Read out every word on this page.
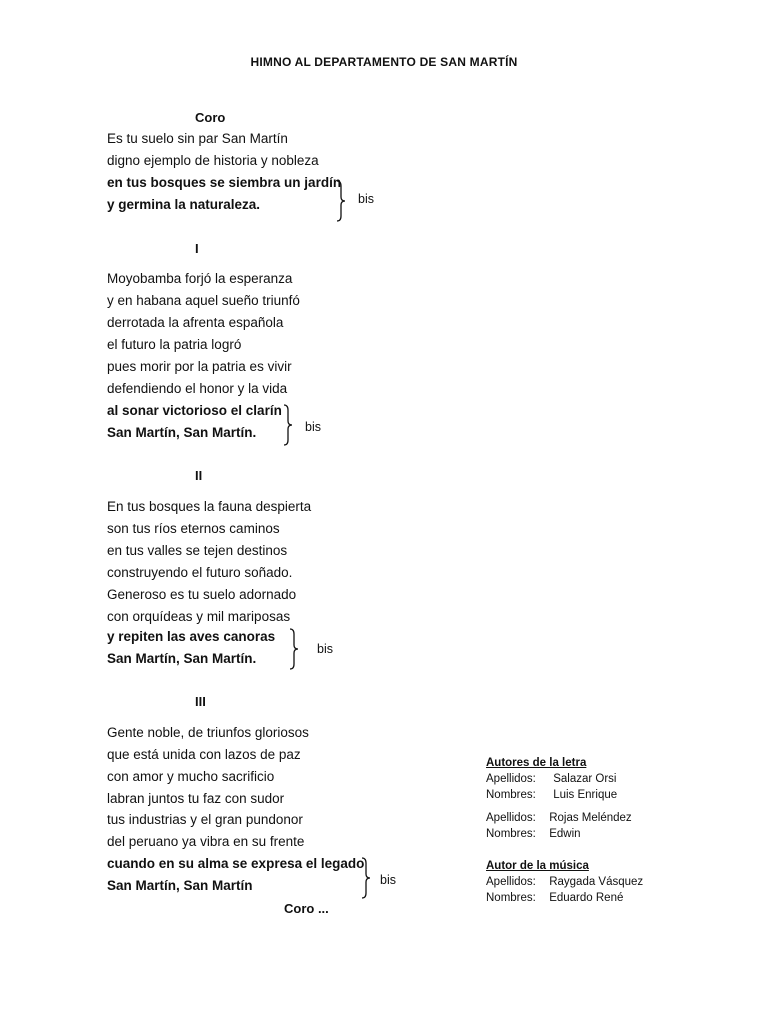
HIMNO AL DEPARTAMENTO DE SAN MARTÍN
Coro
Es tu suelo sin par San Martín
digno ejemplo de historia y nobleza
en tus bosques se siembra un jardín
y germina la naturaleza.	bis
I
Moyobamba forjó la esperanza
y en habana aquel sueño triunfó
derrotada la afrenta española
el futuro la patria logró
pues morir por la patria es vivir
defendiendo el honor y la vida
al sonar victorioso el clarín
San Martín, San Martín.	bis
II
En tus bosques la fauna despierta
son tus ríos eternos caminos
en tus valles se tejen destinos
construyendo el futuro soñado.
Generoso es tu suelo adornado
con orquídeas y mil mariposas
y repiten las aves canoras
San Martín, San Martín.
bis
III
Gente noble, de triunfos gloriosos
que está unida con lazos de paz
con amor y mucho sacrificio
labran juntos tu faz con sudor
tus industrias y el gran pundonor
del peruano ya vibra en su frente
cuando en su alma se expresa el legado
San Martín, San Martín	bis
Coro ...
Autores de la letra
Apellidos: Salazar Orsi
Nombres: Luis Enrique
Apellidos: Rojas Meléndez
Nombres: Edwin
Autor de la música
Apellidos: Raygada Vásquez
Nombres: Eduardo René
